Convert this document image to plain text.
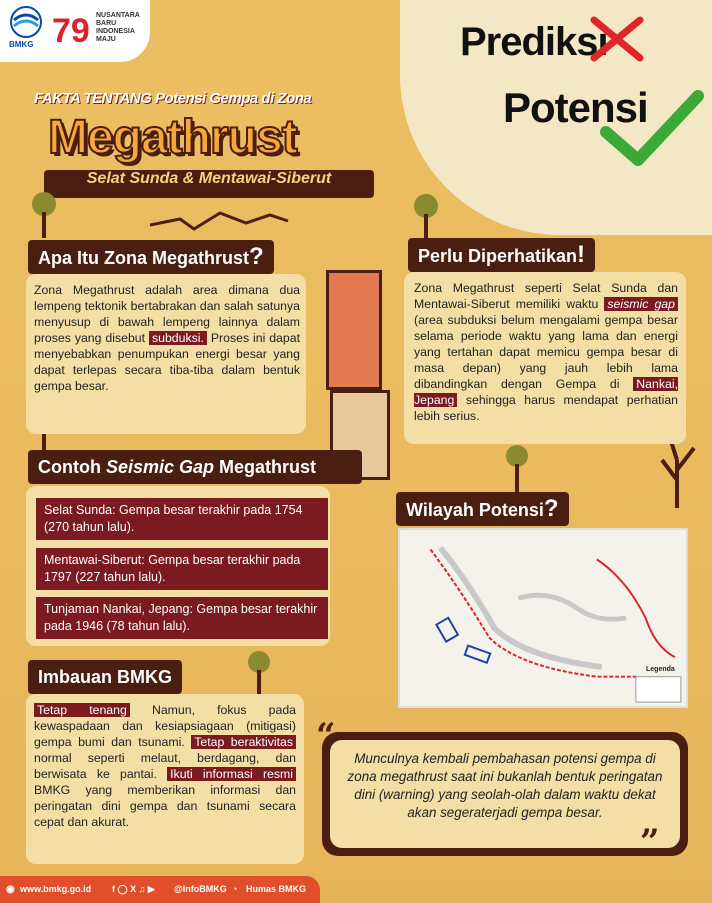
BMKG 79 NUSANTARA
BARU
INDONESIA
MAJU	Prediksi
Potensi
FAKTA TENTANG Potensi Gempa di Zona
Megathrust
Selat Sunda & Mentawai-Siberut
Apa Itu Zona Megathrust?
Zona Megathrust adalah area dimana dua lempeng tektonik bertabrakan dan salah satunya menyusup di bawah lempeng lainnya dalam proses yang disebut subduksi. Proses ini dapat menyebabkan penumpukan energi besar yang dapat terlepas secara tiba-tiba dalam bentuk gempa besar.
Perlu Diperhatikan!
Zona Megathrust seperti Selat Sunda dan Mentawai-Siberut memiliki waktu seismic gap (area subduksi belum mengalami gempa besar selama periode waktu yang lama dan energi yang tertahan dapat memicu gempa besar di masa depan) yang jauh lebih lama dibandingkan dengan Gempa di Nankai, Jepang sehingga harus mendapat perhatian lebih serius.
Contoh Seismic Gap Megathrust
Selat Sunda: Gempa besar terakhir pada 1754 (270 tahun lalu).
Mentawai-Siberut: Gempa besar terakhir pada 1797 (227 tahun lalu).
Tunjaman Nankai, Jepang: Gempa besar terakhir pada 1946 (78 tahun lalu).
Wilayah Potensi?
Legenda
Imbauan BMKG
Tetap tenang Namun, fokus pada kewaspadaan dan kesiapsiagaan (mitigasi) gempa bumi dan tsunami. Tetap beraktivitas normal seperti melaut, berdagang, dan berwisata ke pantai. Ikuti informasi resmi BMKG yang memberikan informasi dan peringatan dini gempa dan tsunami secara cepat dan akurat.
“
”
Munculnya kembali pembahasan potensi gempa di zona megathrust saat ini bukanlah bentuk peringatan dini (warning) yang seolah-olah dalam waktu dekat akan segeraterjadi gempa besar.
◉ www.bmkg.go.id f ◯ X ♫ ▶ @InfoBMKG ◔ Humas BMKG
